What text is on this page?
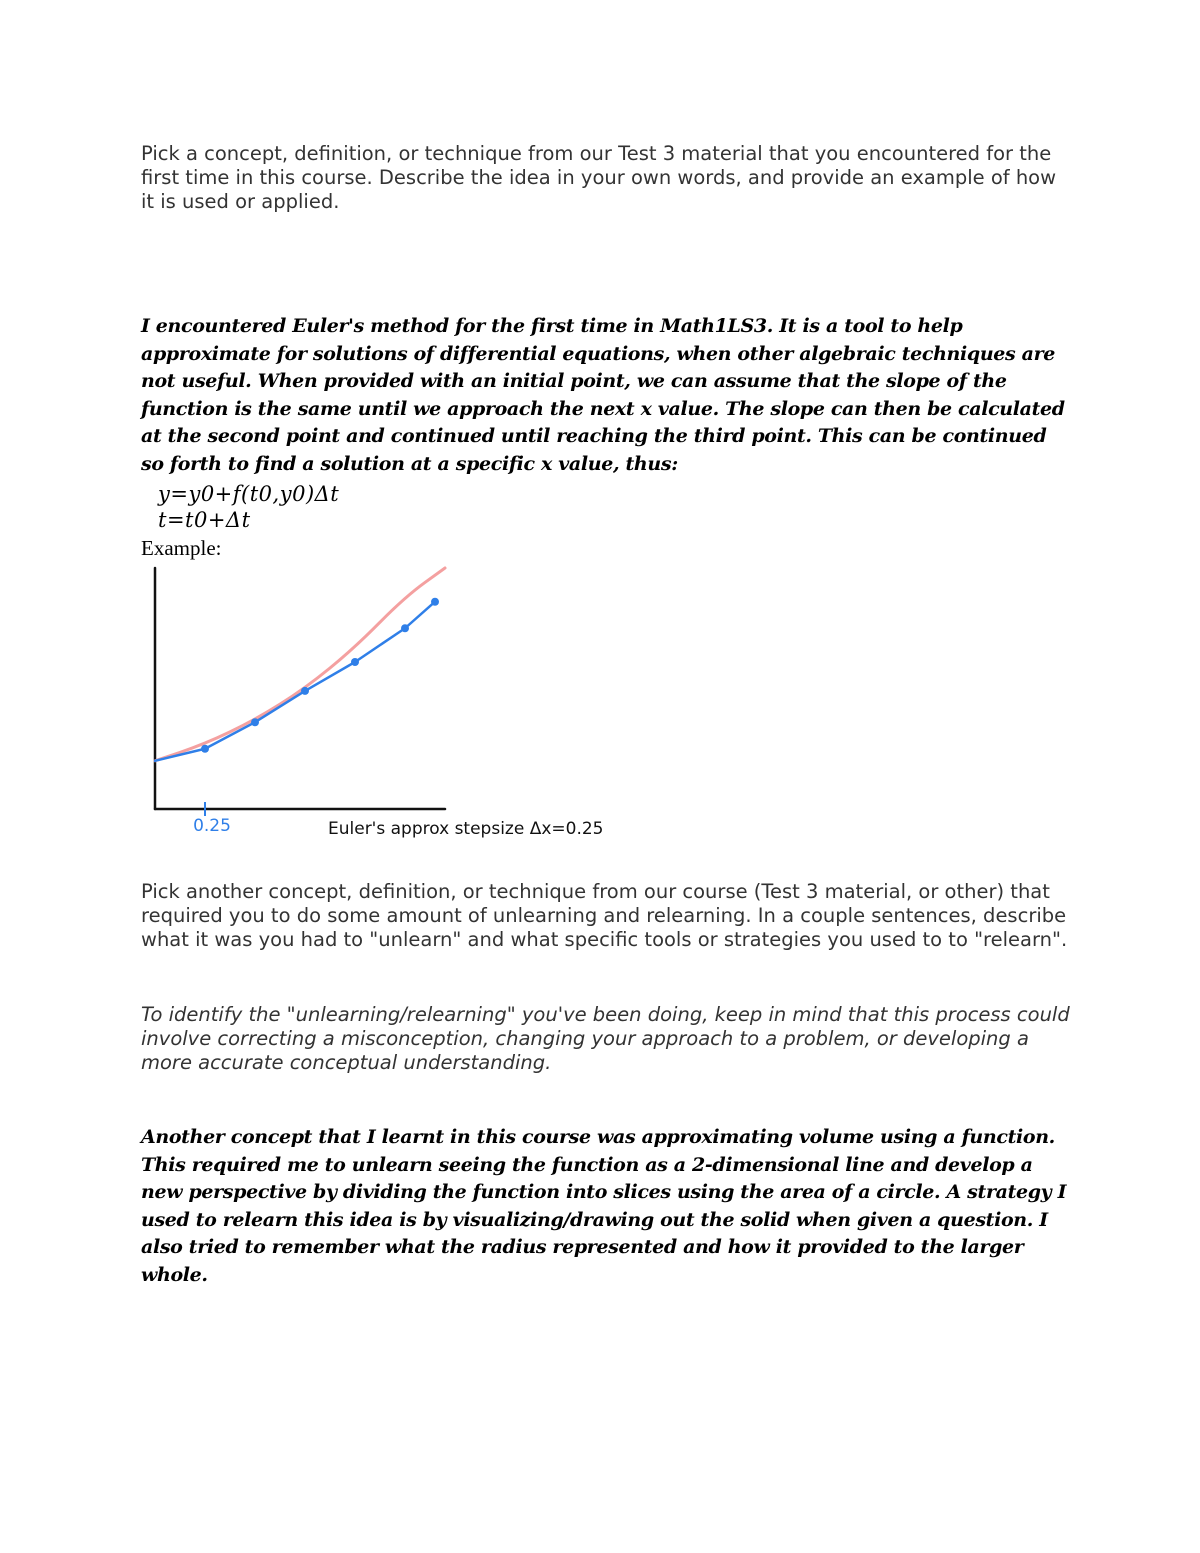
Pick a concept, definition, or technique from our Test 3 material that you encountered for the first time in this course. Describe the idea in your own words, and provide an example of how it is used or applied.

I encountered Euler's method for the first time in Math1LS3. It is a tool to help approximate for solutions of differential equations, when other algebraic techniques are not useful. When provided with an initial point, we can assume that the slope of the function is the same until we approach the next x value. The slope can then be calculated at the second point and continued until reaching the third point. This can be continued so forth to find a solution at a specific x value, thus:

y=y0+f(t0,y0)Δt
t=t0+Δt
Example:
0.25	Euler's approx stepsize Δx=0.25

Pick another concept, definition, or technique from our course (Test 3 material, or other) that required you to do some amount of unlearning and relearning. In a couple sentences, describe what it was you had to "unlearn" and what specific tools or strategies you used to to "relearn".

To identify the "unlearning/relearning" you've been doing, keep in mind that this process could involve correcting a misconception, changing your approach to a problem, or developing a more accurate conceptual understanding.

Another concept that I learnt in this course was approximating volume using a function. This required me to unlearn seeing the function as a 2-dimensional line and develop a new perspective by dividing the function into slices using the area of a circle. A strategy I used to relearn this idea is by visualizing/drawing out the solid when given a question. I also tried to remember what the radius represented and how it provided to the larger whole.
